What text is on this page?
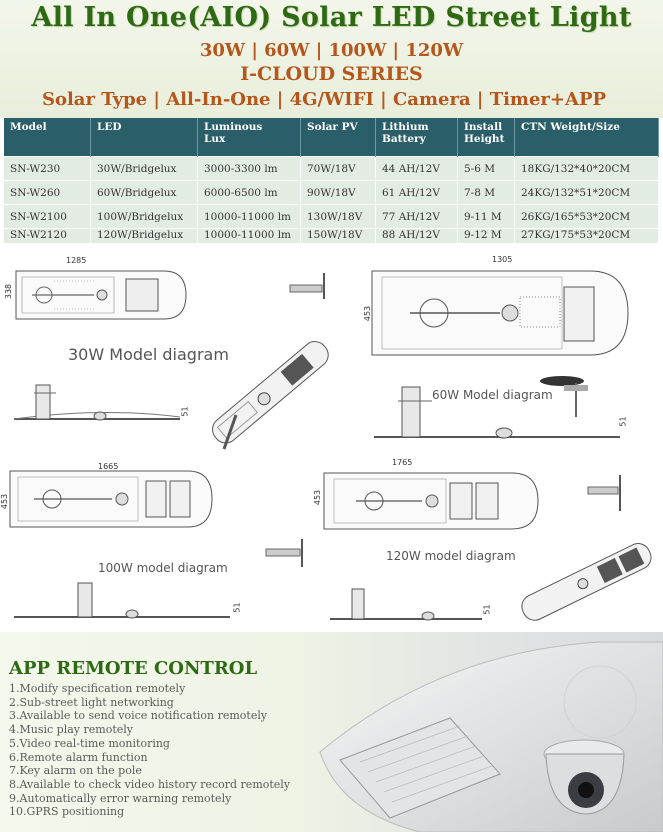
All In One(AIO) Solar LED Street Light
30W | 60W | 100W | 120W
I-CLOUD SERIES
Solar Type | All-In-One | 4G/WIFI | Camera | Timer+APP
Model	LED	Luminous Lux	Solar PV	Lithium Battery	Install Height	CTN Weight/Size
SN-W230	30W/Bridgelux	3000-3300 lm	70W/18V	44 AH/12V	5-6 M	18KG/132*40*20CM
SN-W260	60W/Bridgelux	6000-6500 lm	90W/18V	61 AH/12V	7-8 M	24KG/132*51*20CM
SN-W2100	100W/Bridgelux	10000-11000 lm	130W/18V	77 AH/12V	9-11 M	26KG/165*53*20CM
SN-W2120	120W/Bridgelux	10000-11000 lm	150W/18V	88 AH/12V	9-12 M	27KG/175*53*20CM
1285
338
30W Model diagram
51
1305
453
60W Model diagram
51
1665
453
100W model diagram
51
1765
453
120W model diagram
51
APP REMOTE CONTROL
1.Modify specification remotely
2.Sub-street light networking
3.Available to send voice notification remotely
4.Music play remotely
5.Video real-time monitoring
6.Remote alarm function
7.Key alarm on the pole
8.Available to check video history record remotely
9.Automatically error warning remotely
10.GPRS positioning
